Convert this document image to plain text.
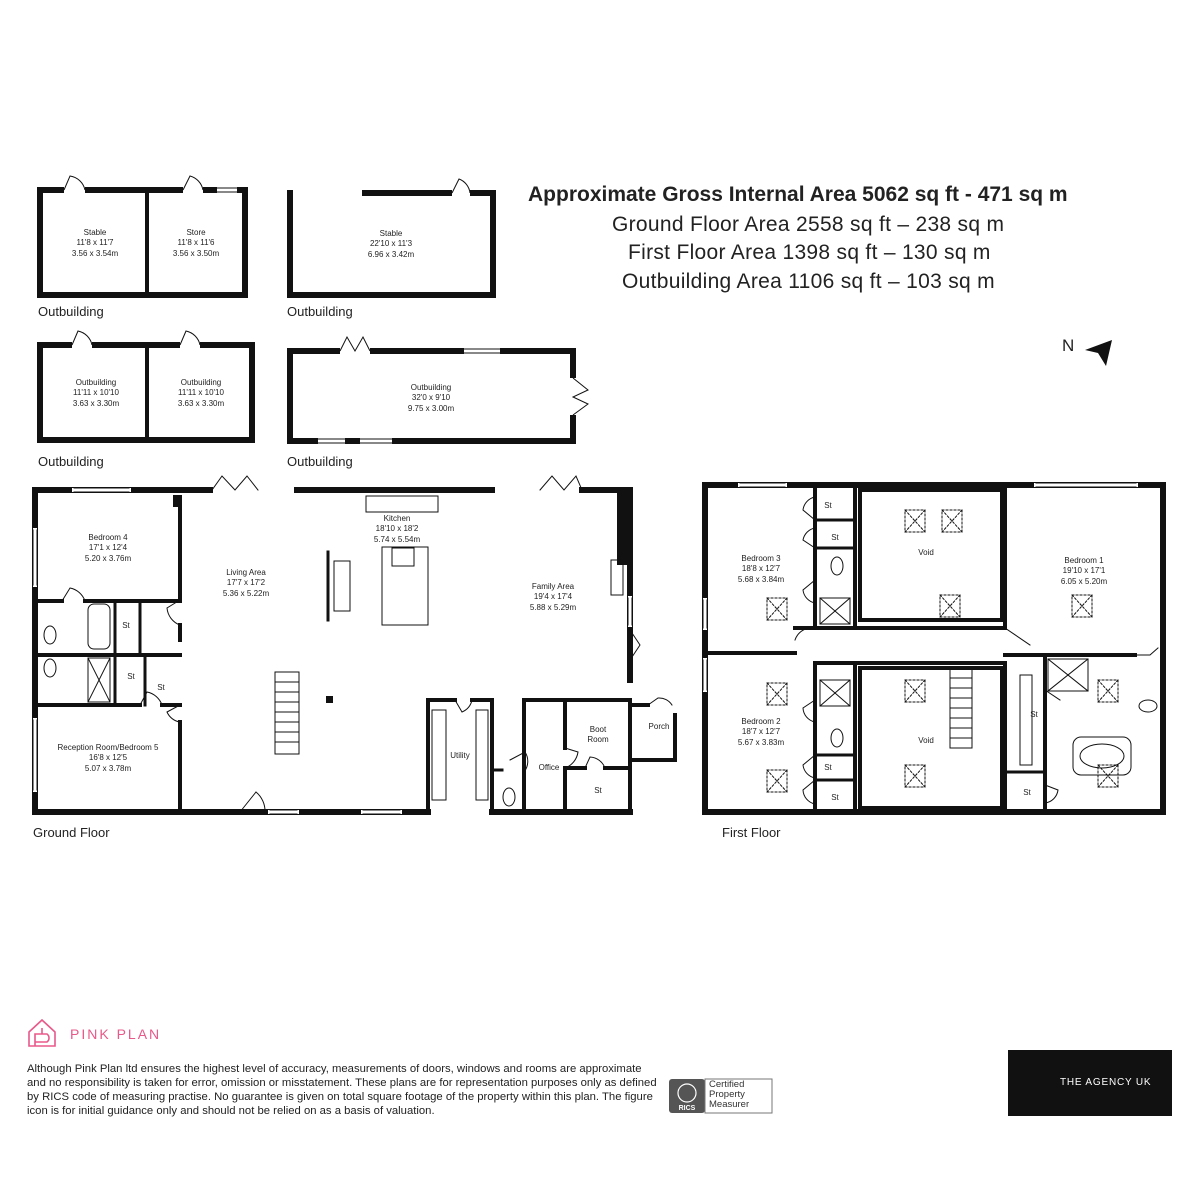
Approximate Gross Internal Area 5062 sq ft - 471 sq m
Ground Floor Area 2558 sq ft – 238 sq m
First Floor Area 1398 sq ft – 130 sq m
Outbuilding Area 1106 sq ft – 103 sq m
N
Stable
11'8 x 11'7
3.56 x 3.54m
Store
11'8 x 11'6
3.56 x 3.50m
Outbuilding
Stable
22'10 x 11'3
6.96 x 3.42m
Outbuilding
Outbuilding
11'11 x 10'10
3.63 x 3.30m
Outbuilding
11'11 x 10'10
3.63 x 3.30m
Outbuilding
Outbuilding
32'0 x 9'10
9.75 x 3.00m
Outbuilding
Bedroom 4
17'1 x 12'4
5.20 x 3.76m
Living Area
17'7 x 17'2
5.36 x 5.22m
Kitchen
18'10 x 18'2
5.74 x 5.54m
Family Area
19'4 x 17'4
5.88 x 5.29m
Reception Room/Bedroom 5
16'8 x 12'5
5.07 x 3.78m
Utility
Office
Boot
Room
Porch
St
St
St
St
Ground Floor
Bedroom 3
18'8 x 12'7
5.68 x 3.84m
Bedroom 2
18'7 x 12'7
5.67 x 3.83m
Bedroom 1
19'10 x 17'1
6.05 x 5.20m
Void
Void
St
St
St
St
St
St
First Floor
RICS
PINK PLAN
Although Pink Plan ltd ensures the highest level of accuracy, measurements of doors, windows and rooms are approximate and no responsibility is taken for error, omission or misstatement. These plans are for representation purposes only as defined by RICS code of measuring practise. No guarantee is given on total square footage of the property within this plan. The figure icon is for initial guidance only and should not be relied on as a basis of valuation.
Certified
Property
Measurer
THE AGENCY UK
